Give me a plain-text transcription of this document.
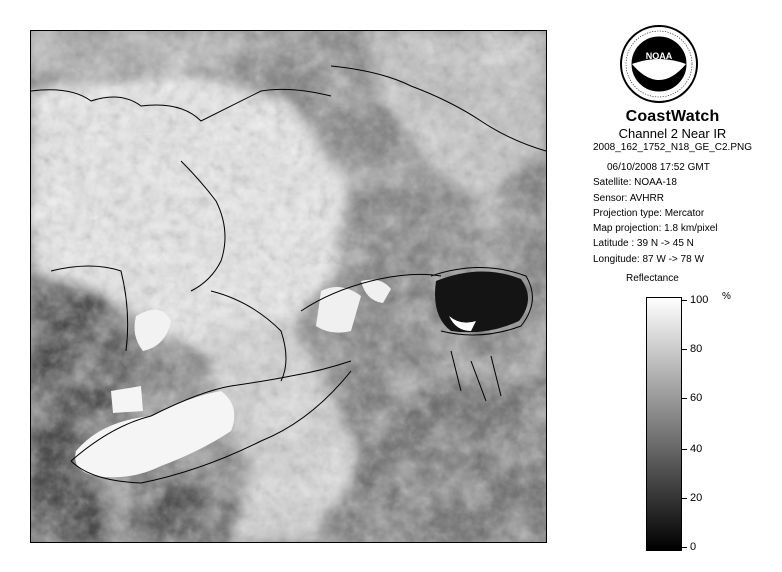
NOAA
CoastWatch
Channel 2 Near IR
2008_162_1752_N18_GE_C2.PNG
06/10/2008 17:52 GMT
Satellite: NOAA-18
Sensor: AVHRR
Projection type: Mercator
Map projection: 1.8 km/pixel
Latitude : 39 N -> 45 N
Longitude: 87 W -> 78 W
Reflectance
%
100
80
60
40
20
0
